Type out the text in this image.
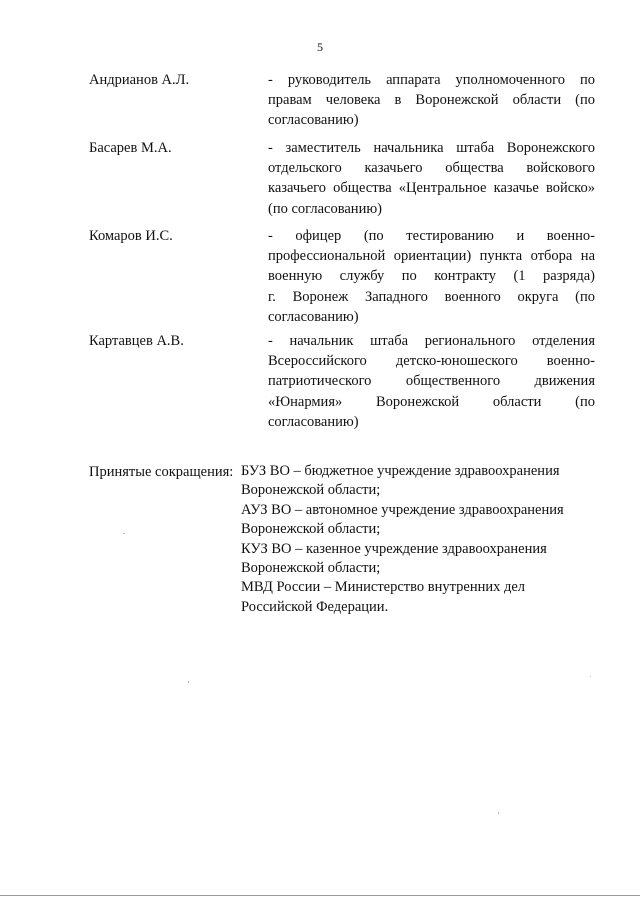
5
Андрианов А.Л.	- руководитель аппарата уполномоченного по
правам человека в Воронежской области (по
согласованию)
Басарев М.А.	- заместитель начальника штаба Воронежского
отдельского казачьего общества войскового
казачьего общества «Центральное казачье войско»
(по согласованию)
Комаров И.С.	- офицер (по тестированию и военно-
профессиональной ориентации) пункта отбора на
военную службу по контракту (1 разряда)
г. Воронеж Западного военного округа (по
согласованию)
Картавцев А.В.	- начальник штаба регионального отделения
Всероссийского детско-юношеского военно-
патриотического общественного движения
«Юнармия» Воронежской области (по
согласованию)
Принятые сокращения: БУЗ ВО – бюджетное учреждение здравоохранения
Воронежской области;
АУЗ ВО – автономное учреждение здравоохранения
Воронежской области;
КУЗ ВО – казенное учреждение здравоохранения
Воронежской области;
МВД России – Министерство внутренних дел
Российской Федерации.
